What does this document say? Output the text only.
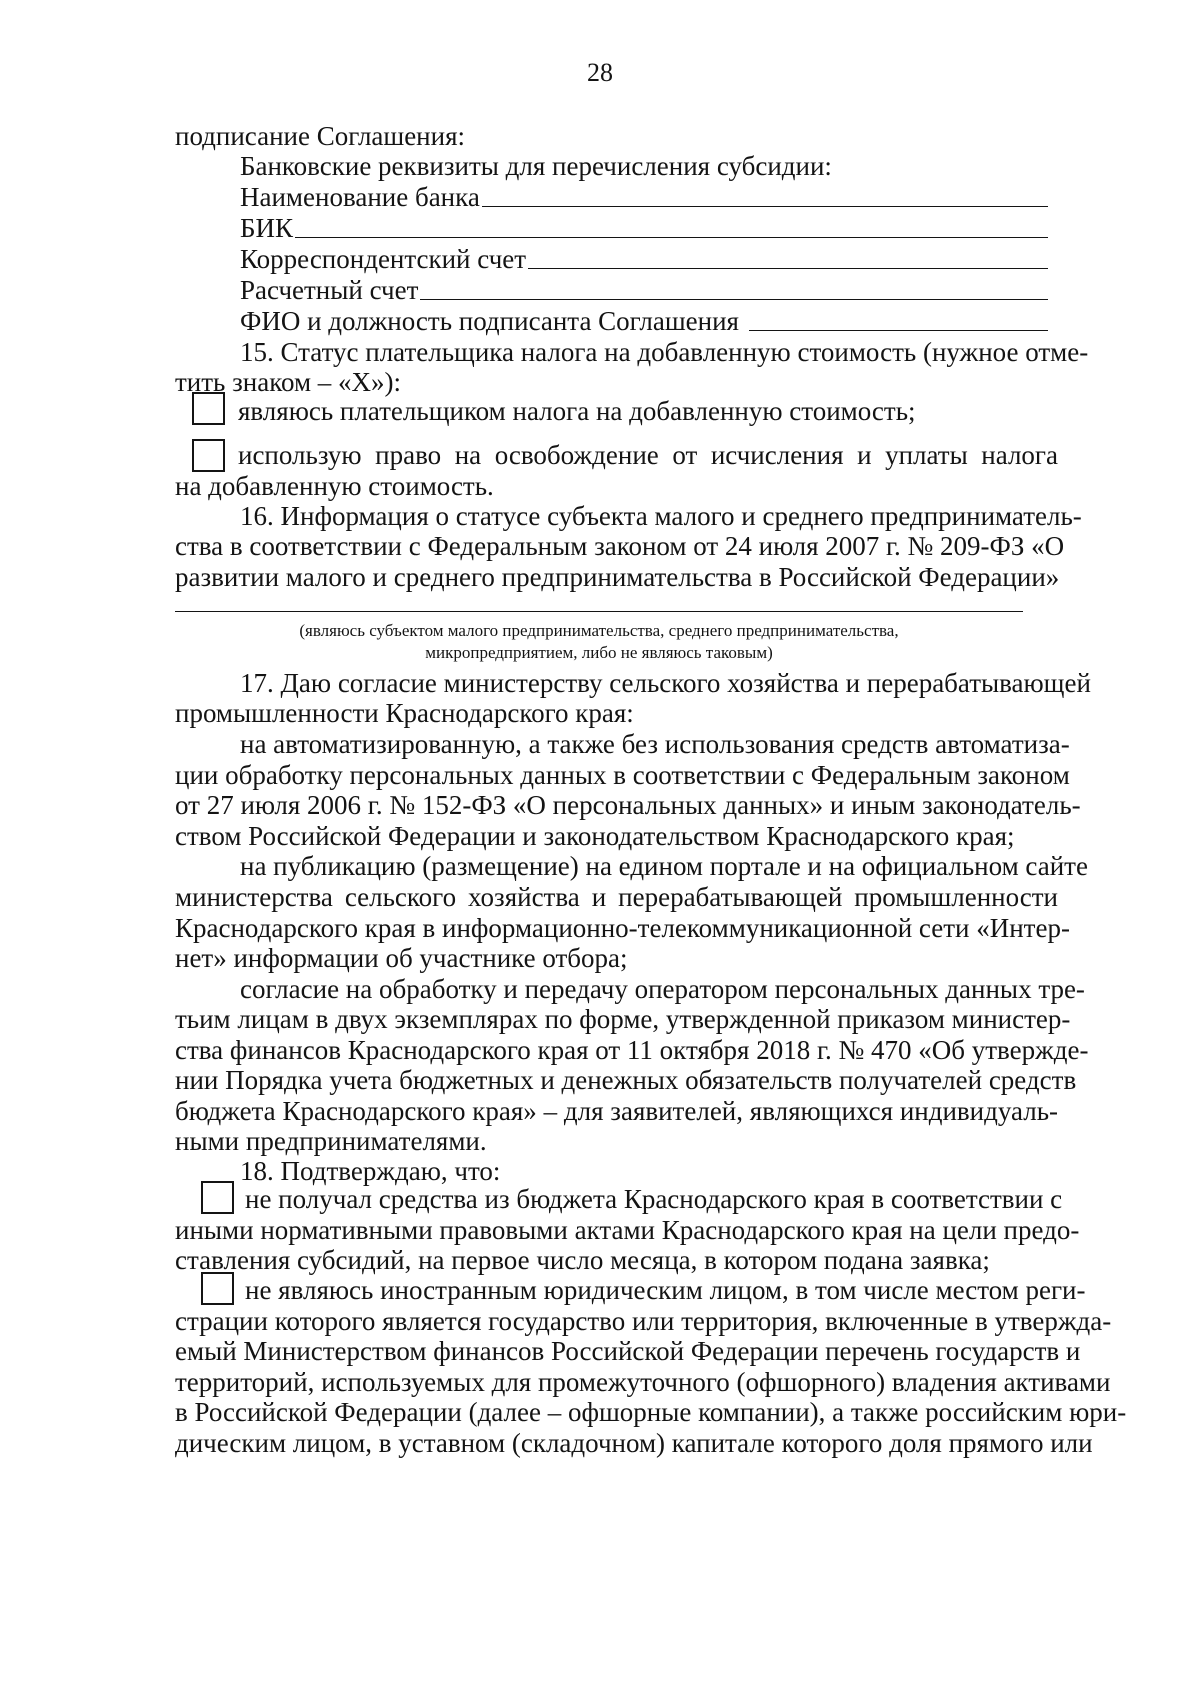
28
подписание Соглашения:
Банковские реквизиты для перечисления субсидии:
Наименование банка
БИК
Корреспондентский счет
Расчетный счет
ФИО и должность подписанта Соглашения
15. Статус плательщика налога на добавленную стоимость (нужное отме-
тить знаком – «X»):
являюсь плательщиком налога на добавленную стоимость;
использую право на освобождение от исчисления и уплаты налога
на добавленную стоимость.
16. Информация о статусе субъекта малого и среднего предприниматель-
ства в соответствии с Федеральным законом от 24 июля 2007 г. № 209-ФЗ «О
развитии малого и среднего предпринимательства в Российской Федерации»
(являюсь субъектом малого предпринимательства, среднего предпринимательства,
микропредприятием, либо не являюсь таковым)
17. Даю согласие министерству сельского хозяйства и перерабатывающей
промышленности Краснодарского края:
на автоматизированную, а также без использования средств автоматиза-
ции обработку персональных данных в соответствии с Федеральным законом
от 27 июля 2006 г. № 152-ФЗ «О персональных данных» и иным законодатель-
ством Российской Федерации и законодательством Краснодарского края;
на публикацию (размещение) на едином портале и на официальном сайте
министерства сельского хозяйства и перерабатывающей промышленности
Краснодарского края в информационно-телекоммуникационной сети «Интер-
нет» информации об участнике отбора;
согласие на обработку и передачу оператором персональных данных тре-
тьим лицам в двух экземплярах по форме, утвержденной приказом министер-
ства финансов Краснодарского края от 11 октября 2018 г. № 470 «Об утвержде-
нии Порядка учета бюджетных и денежных обязательств получателей средств
бюджета Краснодарского края» – для заявителей, являющихся индивидуаль-
ными предпринимателями.
18. Подтверждаю, что:
не получал средства из бюджета Краснодарского края в соответствии с
иными нормативными правовыми актами Краснодарского края на цели предо-
ставления субсидий, на первое число месяца, в котором подана заявка;
не являюсь иностранным юридическим лицом, в том числе местом реги-
страции которого является государство или территория, включенные в утвержда-
емый Министерством финансов Российской Федерации перечень государств и
территорий, используемых для промежуточного (офшорного) владения активами
в Российской Федерации (далее – офшорные компании), а также российским юри-
дическим лицом, в уставном (складочном) капитале которого доля прямого или
